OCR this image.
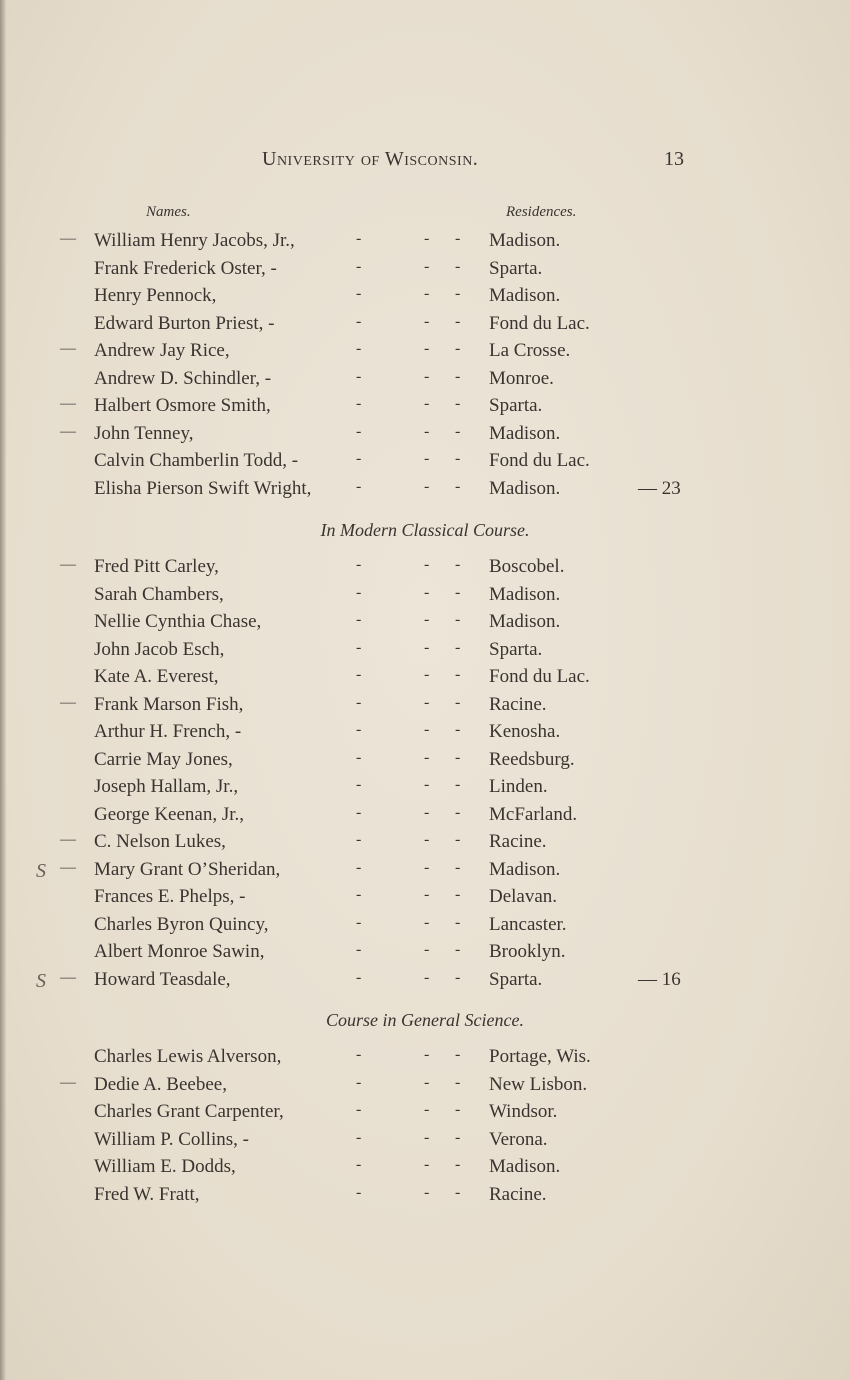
University of Wisconsin.	13
Names.	Residences.
— William Henry Jacobs, Jr.,	-	- - Madison.
Frank Frederick Oster, -	-	- - Sparta.
Henry Pennock,	-	- - Madison.
Edward Burton Priest, -	-	- - Fond du Lac.
— Andrew Jay Rice,	-	- - La Crosse.
Andrew D. Schindler, -	-	- - Monroe.
— Halbert Osmore Smith,	-	- - Sparta.
— John Tenney,	-	- - Madison.
Calvin Chamberlin Todd, -	-	- - Fond du Lac.
Elisha Pierson Swift Wright,	-	- - Madison.	— 23
In Modern Classical Course.
— Fred Pitt Carley,	-	- - Boscobel.
Sarah Chambers,	-	- - Madison.
Nellie Cynthia Chase,	-	- - Madison.
John Jacob Esch,	-	- - Sparta.
Kate A. Everest,	-	- - Fond du Lac.
— Frank Marson Fish,	-	- - Racine.
Arthur H. French, -	-	- - Kenosha.
Carrie May Jones,	-	- - Reedsburg.
Joseph Hallam, Jr.,	-	- - Linden.
George Keenan, Jr.,	-	- - McFarland.
— C. Nelson Lukes,	-	- - Racine.
— Mary Grant O’Sheridan,	-	- - Madison.
Frances E. Phelps, -	-	- - Delavan.
Charles Byron Quincy,	-	- - Lancaster.
Albert Monroe Sawin,	-	- - Brooklyn.
— Howard Teasdale,	-	- - Sparta.	— 16
Course in General Science.
Charles Lewis Alverson,	-	- - Portage, Wis.
— Dedie A. Beebee,	-	- - New Lisbon.
Charles Grant Carpenter,	-	- - Windsor.
William P. Collins, -	-	- - Verona.
William E. Dodds,	-	- - Madison.
Fred W. Fratt,	-	- - Racine.
S
S
